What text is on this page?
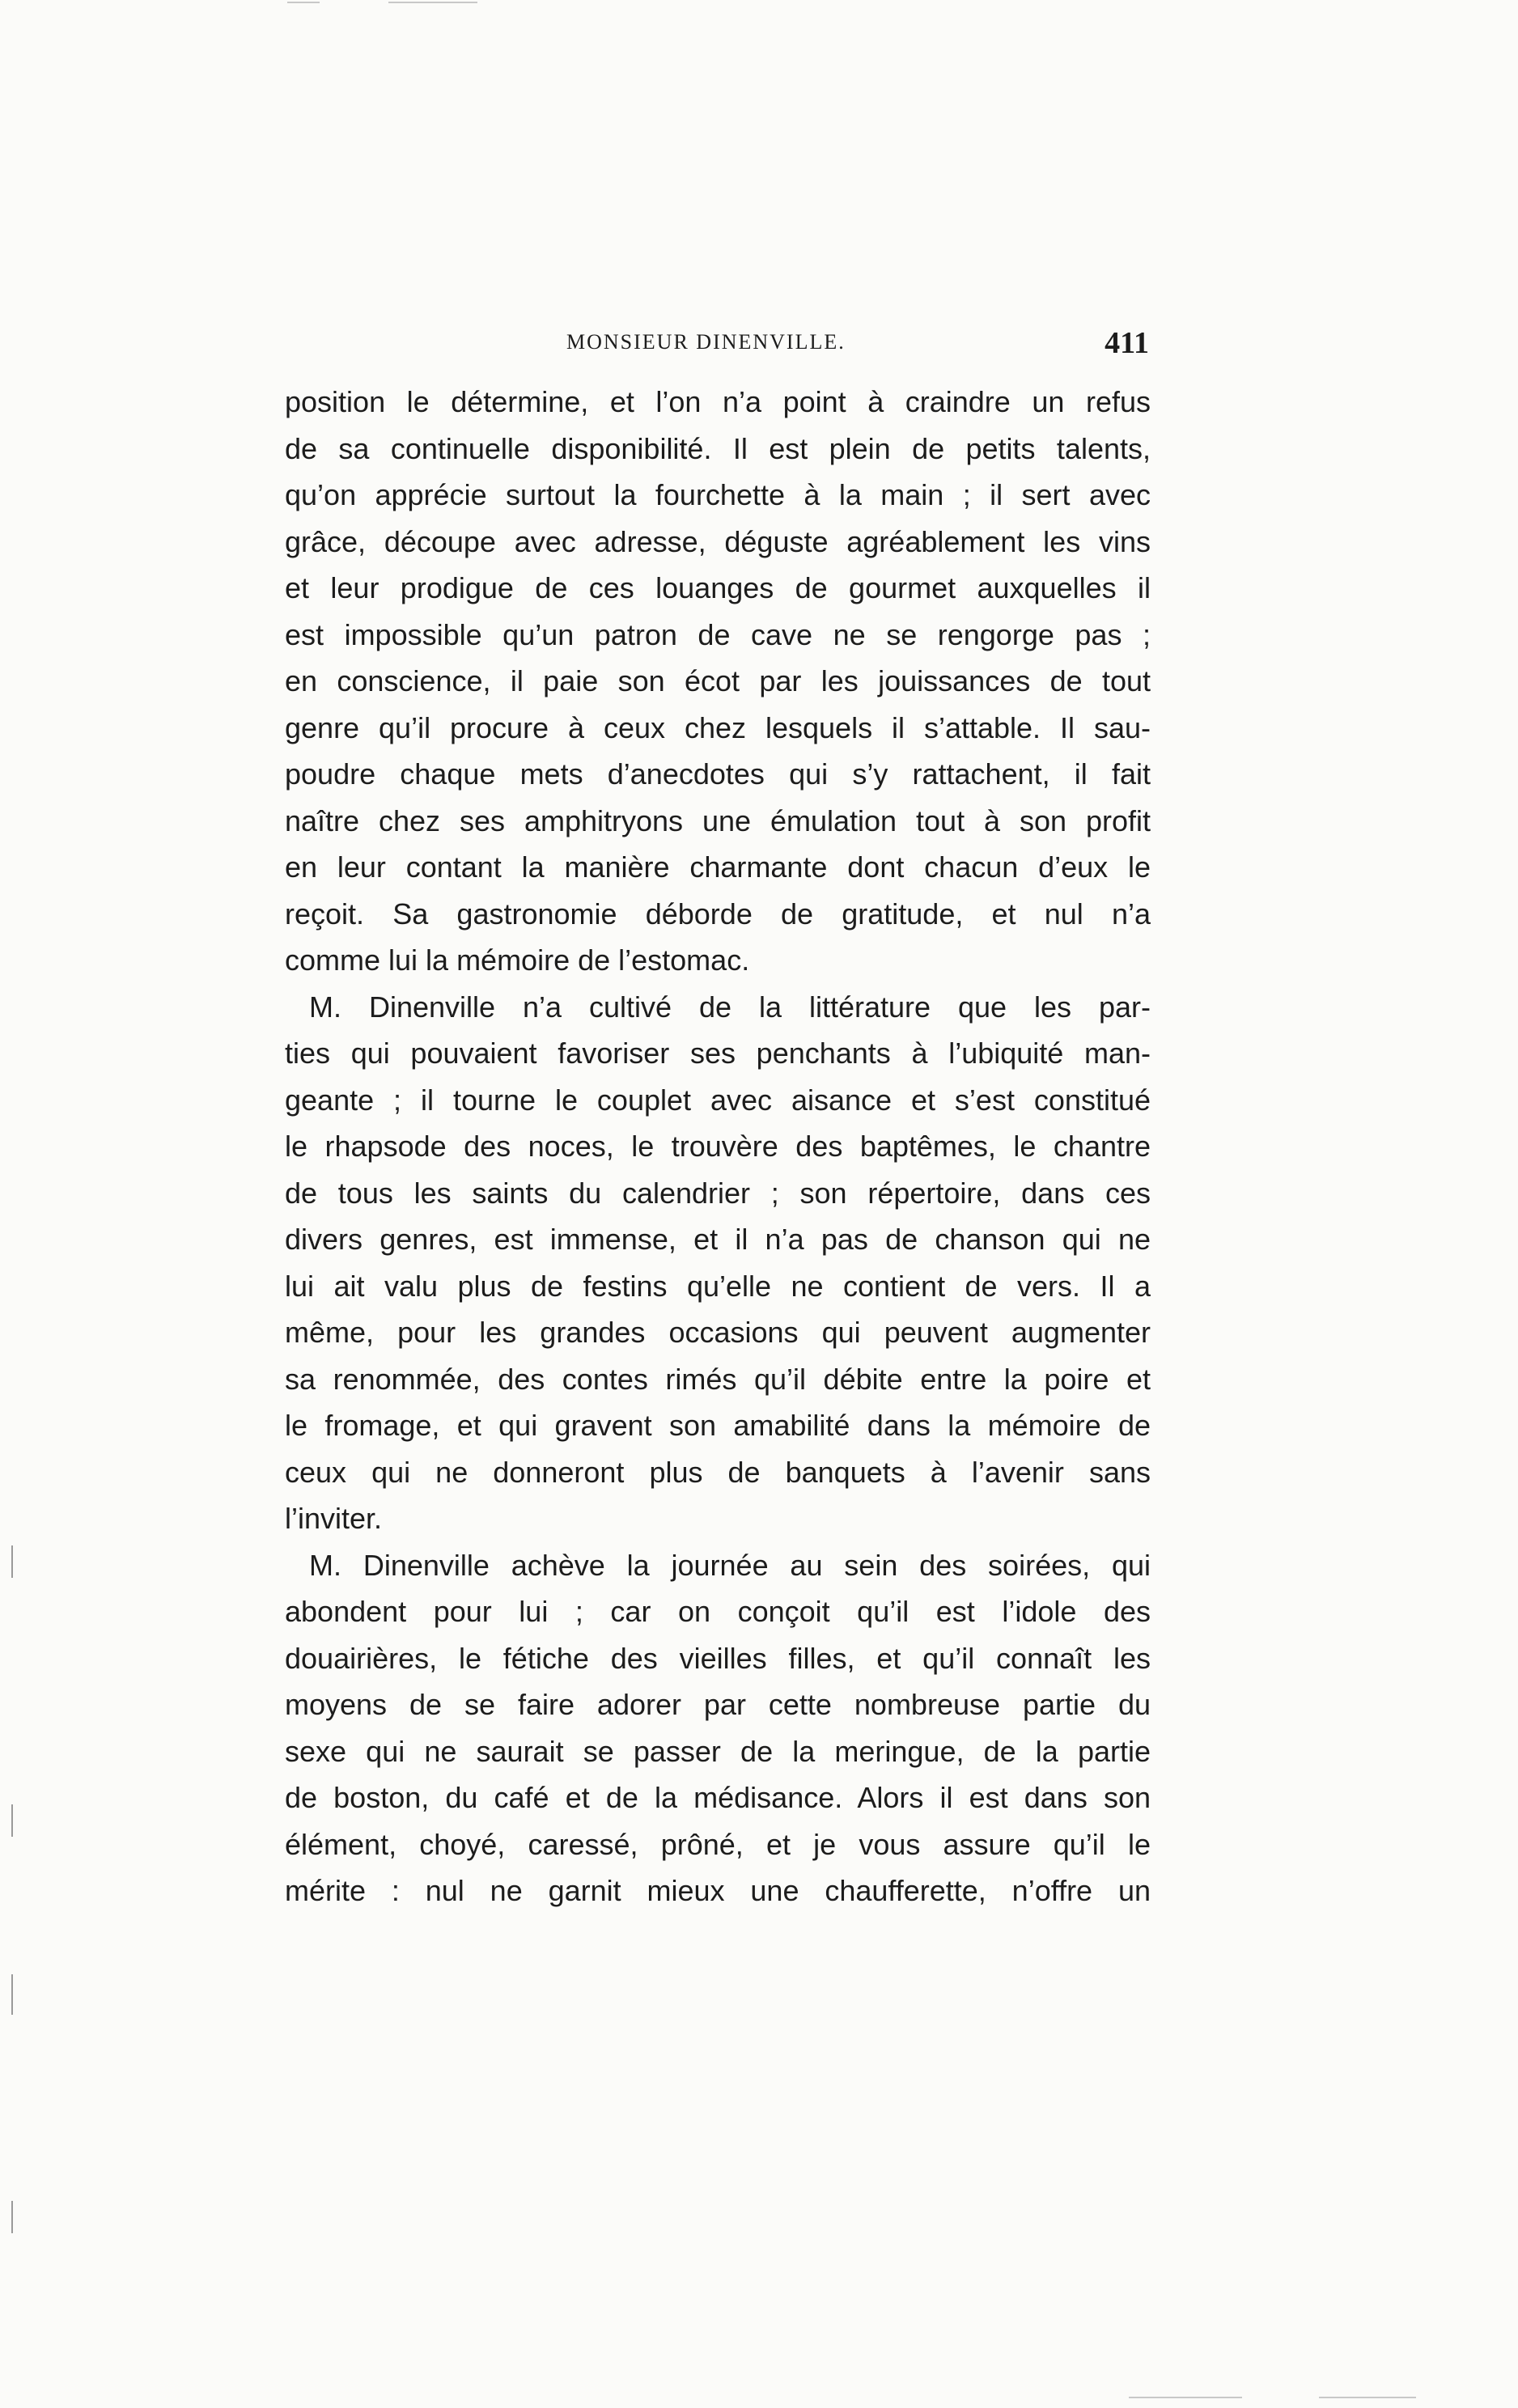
MONSIEUR DINENVILLE.	411
position le détermine, et l’on n’a point à craindre un refus
de sa continuelle disponibilité. Il est plein de petits talents,
qu’on apprécie surtout la fourchette à la main ; il sert avec
grâce, découpe avec adresse, déguste agréablement les vins
et leur prodigue de ces louanges de gourmet auxquelles il
est impossible qu’un patron de cave ne se rengorge pas ;
en conscience, il paie son écot par les jouissances de tout
genre qu’il procure à ceux chez lesquels il s’attable. Il sau-
poudre chaque mets d’anecdotes qui s’y rattachent, il fait
naître chez ses amphitryons une émulation tout à son profit
en leur contant la manière charmante dont chacun d’eux le
reçoit. Sa gastronomie déborde de gratitude, et nul n’a
comme lui la mémoire de l’estomac.
M. Dinenville n’a cultivé de la littérature que les par-
ties qui pouvaient favoriser ses penchants à l’ubiquité man-
geante ; il tourne le couplet avec aisance et s’est constitué
le rhapsode des noces, le trouvère des baptêmes, le chantre
de tous les saints du calendrier ; son répertoire, dans ces
divers genres, est immense, et il n’a pas de chanson qui ne
lui ait valu plus de festins qu’elle ne contient de vers. Il a
même, pour les grandes occasions qui peuvent augmenter
sa renommée, des contes rimés qu’il débite entre la poire et
le fromage, et qui gravent son amabilité dans la mémoire de
ceux qui ne donneront plus de banquets à l’avenir sans
l’inviter.
M. Dinenville achève la journée au sein des soirées, qui
abondent pour lui ; car on conçoit qu’il est l’idole des
douairières, le fétiche des vieilles filles, et qu’il connaît les
moyens de se faire adorer par cette nombreuse partie du
sexe qui ne saurait se passer de la meringue, de la partie
de boston, du café et de la médisance. Alors il est dans son
élément, choyé, caressé, prôné, et je vous assure qu’il le
mérite : nul ne garnit mieux une chaufferette, n’offre un
